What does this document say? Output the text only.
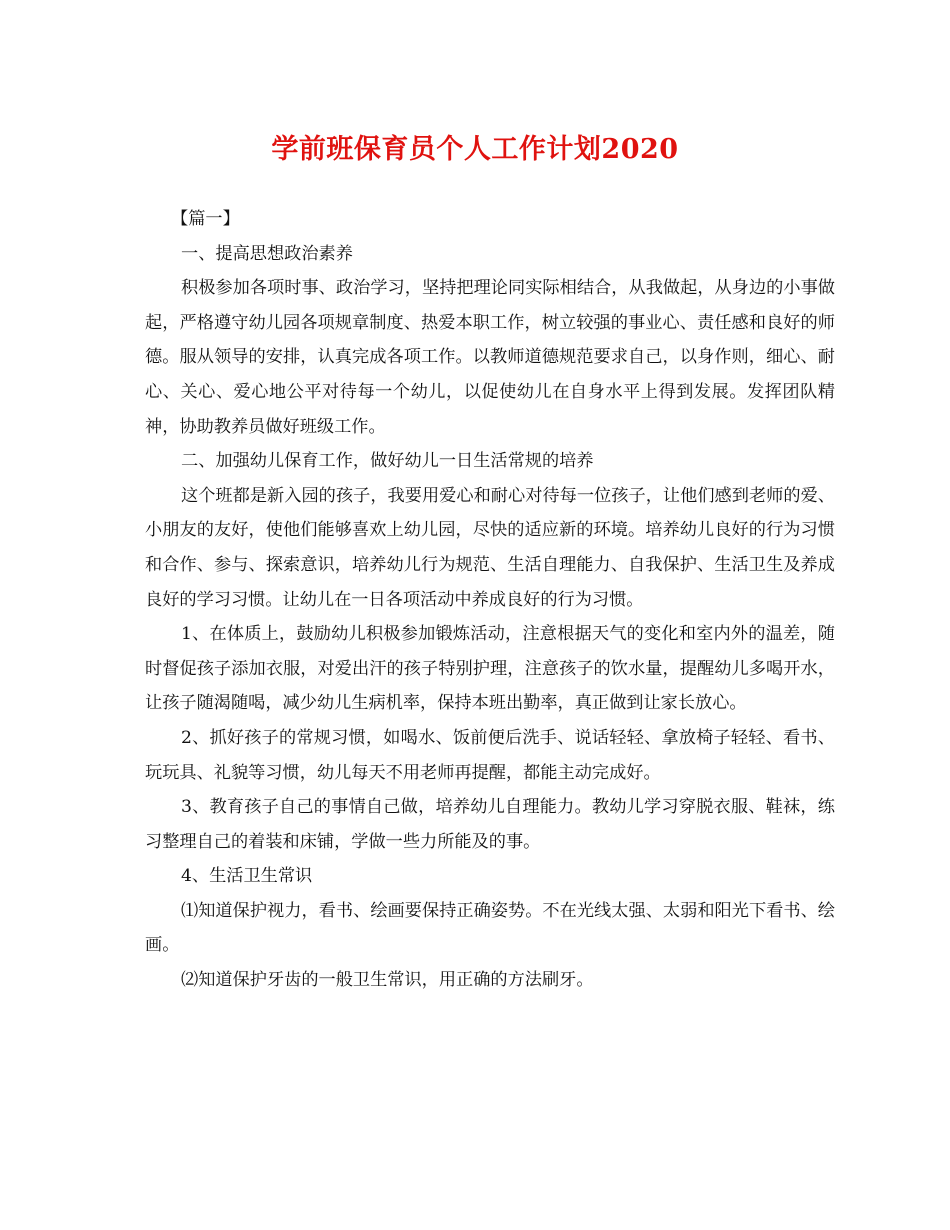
学前班保育员个人工作计划2020

【篇一】

一、提高思想政治素养

积极参加各项时事、政治学习，坚持把理论同实际相结合，从我做起，从身边的小事做起，严格遵守幼儿园各项规章制度、热爱本职工作，树立较强的事业心、责任感和良好的师德。服从领导的安排，认真完成各项工作。以教师道德规范要求自己，以身作则，细心、耐心、关心、爱心地公平对待每一个幼儿，以促使幼儿在自身水平上得到发展。发挥团队精神，协助教养员做好班级工作。

二、加强幼儿保育工作，做好幼儿一日生活常规的培养

这个班都是新入园的孩子，我要用爱心和耐心对待每一位孩子，让他们感到老师的爱、小朋友的友好，使他们能够喜欢上幼儿园，尽快的适应新的环境。培养幼儿良好的行为习惯和合作、参与、探索意识，培养幼儿行为规范、生活自理能力、自我保护、生活卫生及养成良好的学习习惯。让幼儿在一日各项活动中养成良好的行为习惯。

1、在体质上，鼓励幼儿积极参加锻炼活动，注意根据天气的变化和室内外的温差，随时督促孩子添加衣服，对爱出汗的孩子特别护理，注意孩子的饮水量，提醒幼儿多喝开水，让孩子随渴随喝，减少幼儿生病机率，保持本班出勤率，真正做到让家长放心。

2、抓好孩子的常规习惯，如喝水、饭前便后洗手、说话轻轻、拿放椅子轻轻、看书、玩玩具、礼貌等习惯，幼儿每天不用老师再提醒，都能主动完成好。

3、教育孩子自己的事情自己做，培养幼儿自理能力。教幼儿学习穿脱衣服、鞋袜，练习整理自己的着装和床铺，学做一些力所能及的事。

4、生活卫生常识

⑴知道保护视力，看书、绘画要保持正确姿势。不在光线太强、太弱和阳光下看书、绘画。

⑵知道保护牙齿的一般卫生常识，用正确的方法刷牙。
